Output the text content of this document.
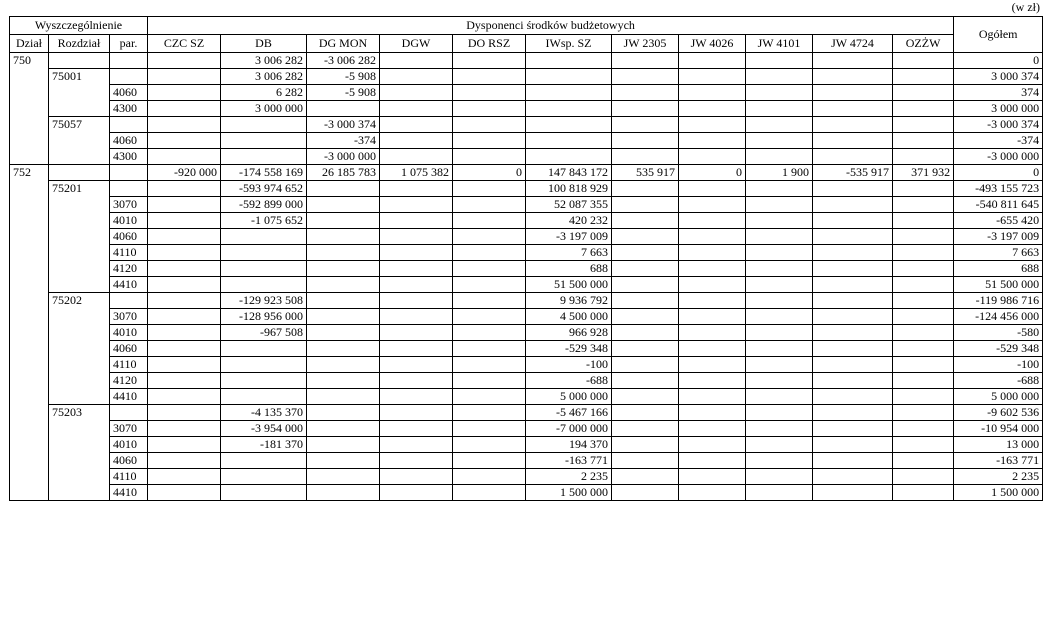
(w zł)
Wyszczególnienie			Dysponenci środków budżetowych											Ogółem
Dział	Rozdział	par.	CZC SZ	DB	DG MON	DGW	DO RSZ	IWsp. SZ	JW 2305	JW 4026	JW 4101	JW 4724	OZŻW	
750				3 006 282	-3 006 282									0
	75001			3 006 282	-5 908									3 000 374
		4060		6 282	-5 908									374
		4300		3 000 000										3 000 000
	75057				-3 000 374									-3 000 374
		4060			-374									-374
		4300			-3 000 000									-3 000 000
752			-920 000	-174 558 169	26 185 783	1 075 382	0	147 843 172	535 917	0	1 900	-535 917	371 932	0
	75201			-593 974 652				100 818 929						-493 155 723
		3070		-592 899 000				52 087 355						-540 811 645
		4010		-1 075 652				420 232						-655 420
		4060						-3 197 009						-3 197 009
		4110						7 663						7 663
		4120						688						688
		4410						51 500 000						51 500 000
	75202			-129 923 508				9 936 792						-119 986 716
		3070		-128 956 000				4 500 000						-124 456 000
		4010		-967 508				966 928						-580
		4060						-529 348						-529 348
		4110						-100						-100
		4120						-688						-688
		4410						5 000 000						5 000 000
	75203			-4 135 370				-5 467 166						-9 602 536
		3070		-3 954 000				-7 000 000						-10 954 000
		4010		-181 370				194 370						13 000
		4060						-163 771						-163 771
		4110						2 235						2 235
		4410						1 500 000						1 500 000
